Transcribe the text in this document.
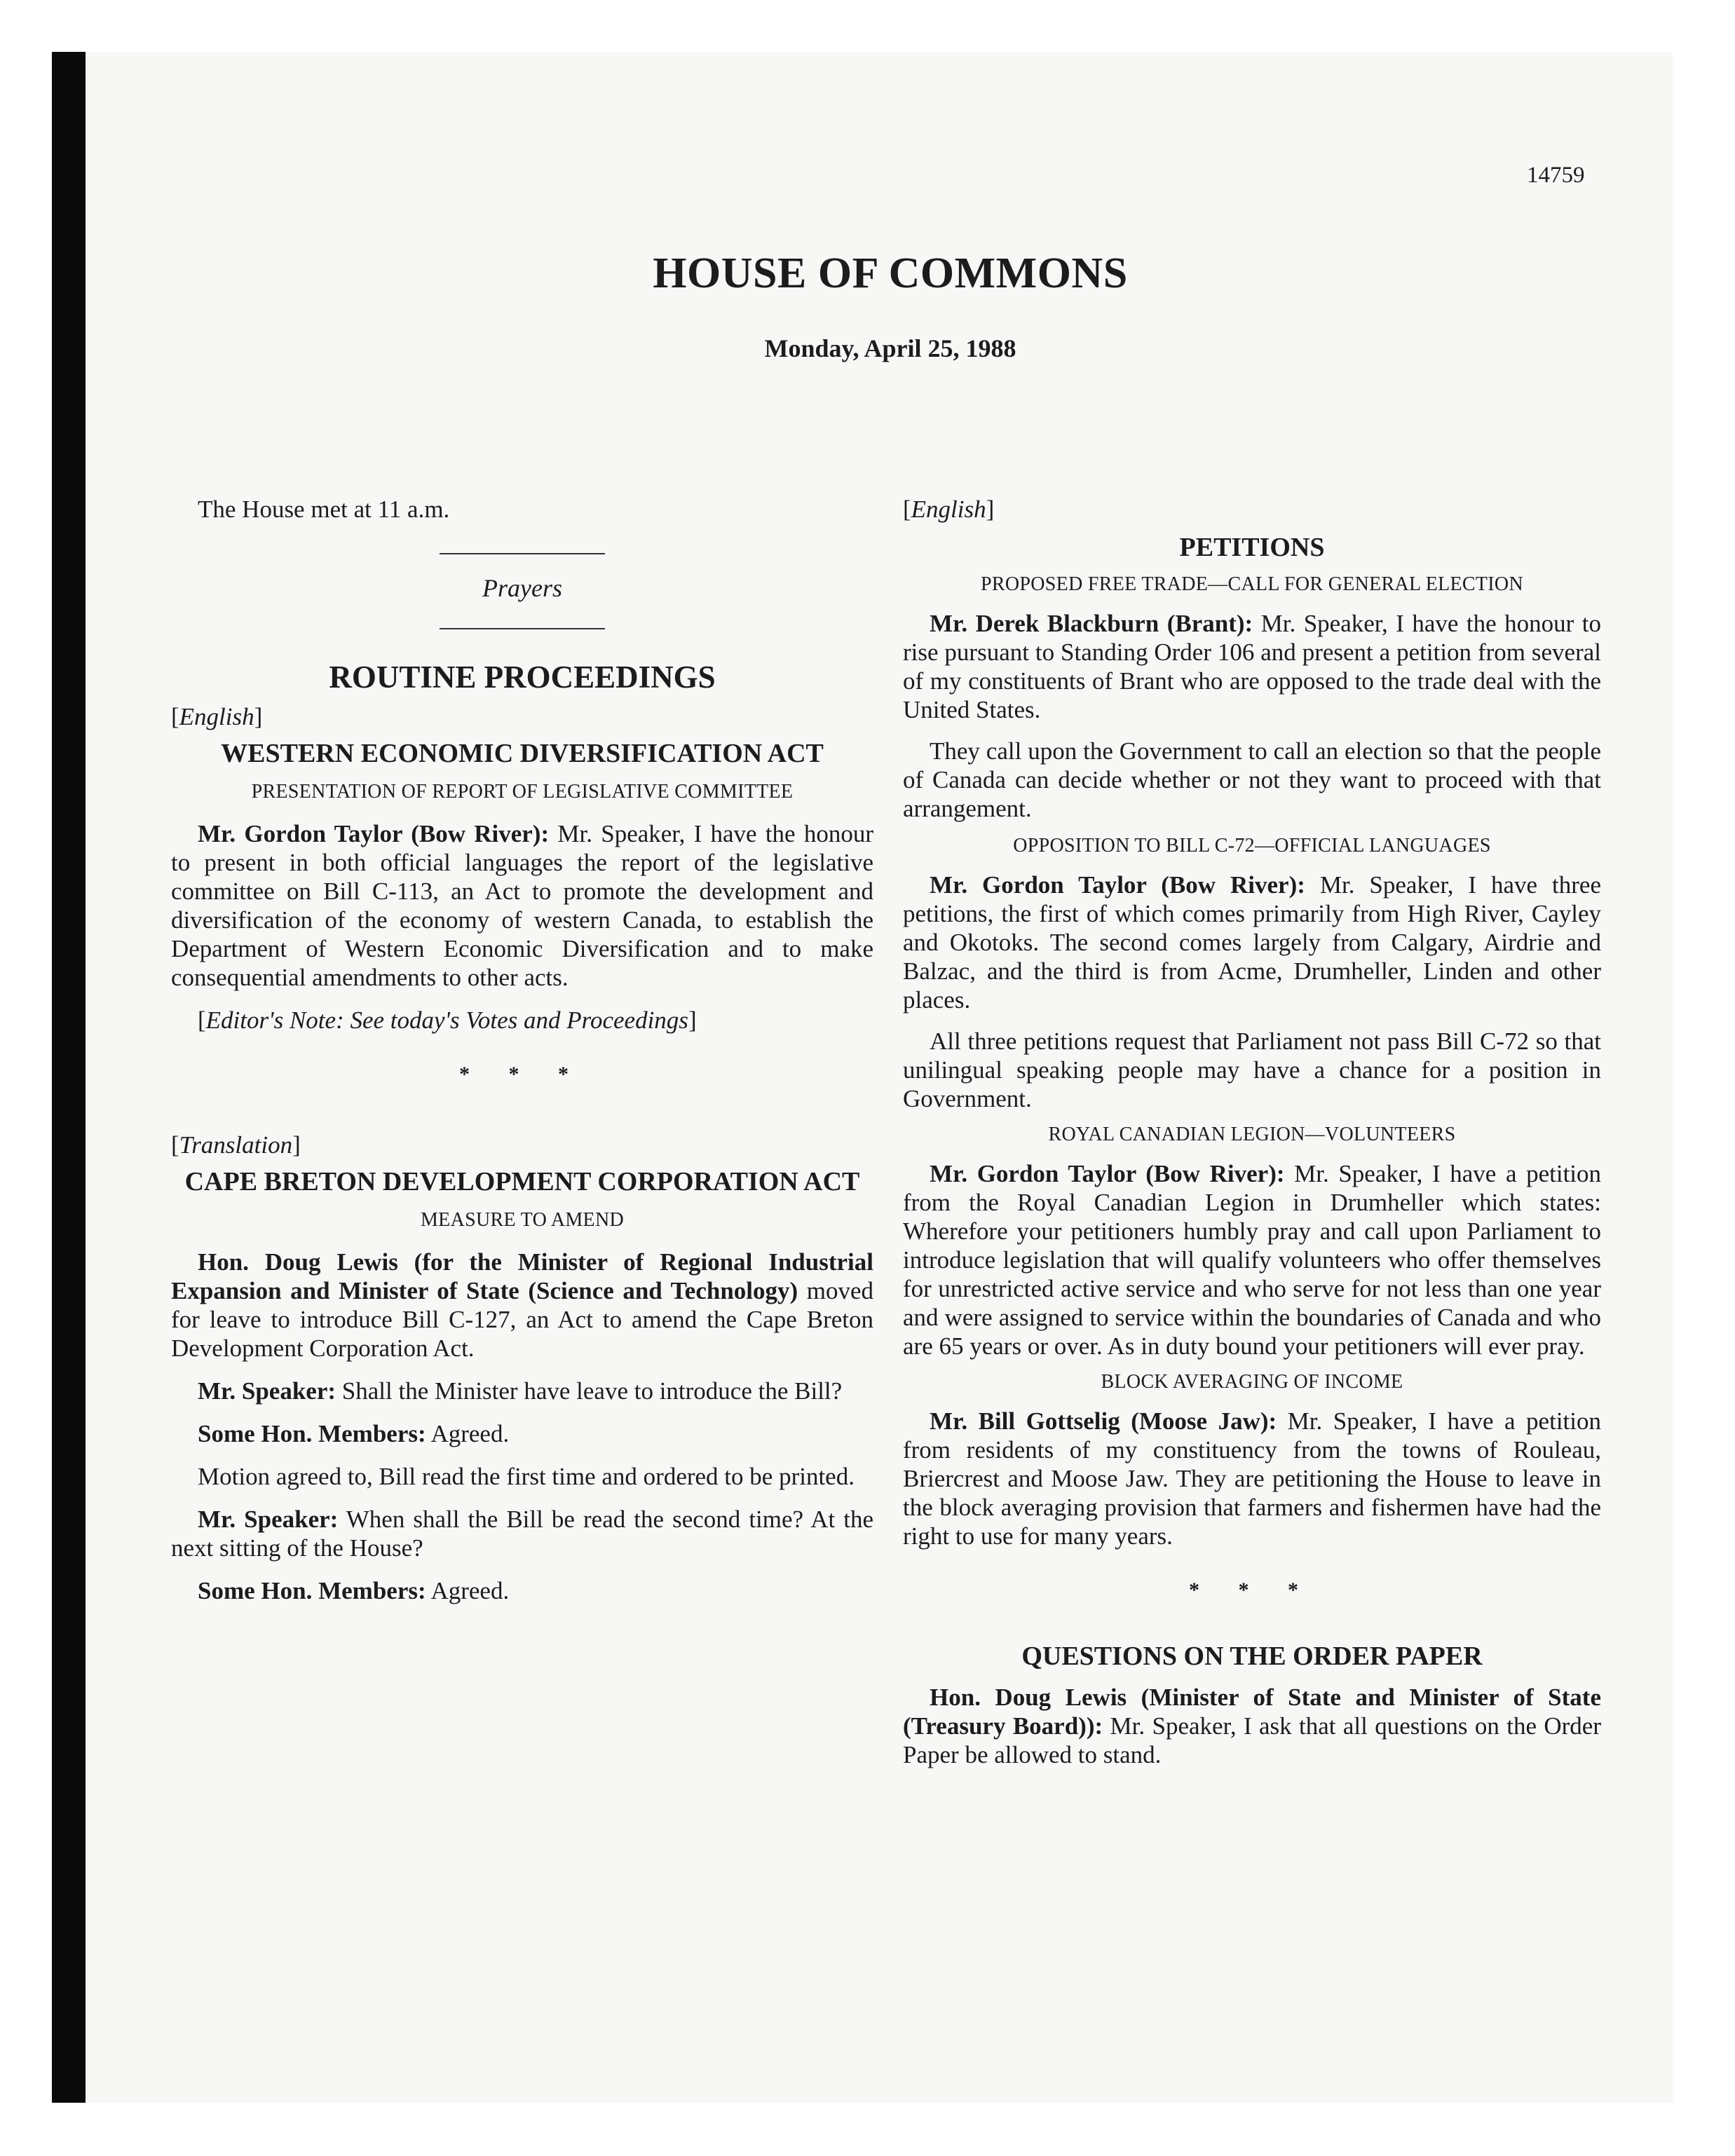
14759
HOUSE OF COMMONS
Monday, April 25, 1988

The House met at 11 a.m.

Prayers

ROUTINE PROCEEDINGS

[English]

WESTERN ECONOMIC DIVERSIFICATION ACT

PRESENTATION OF REPORT OF LEGISLATIVE COMMITTEE

Mr. Gordon Taylor (Bow River): Mr. Speaker, I have the honour to present in both official languages the report of the legislative committee on Bill C-113, an Act to promote the development and diversification of the economy of western Canada, to establish the Department of Western Economic Diversification and to make consequential amendments to other acts.

[Editor's Note: See today's Votes and Proceedings]

* * *

[Translation]

CAPE BRETON DEVELOPMENT CORPORATION ACT

MEASURE TO AMEND

Hon. Doug Lewis (for the Minister of Regional Industrial Expansion and Minister of State (Science and Technology) moved for leave to introduce Bill C-127, an Act to amend the Cape Breton Development Corporation Act.

Mr. Speaker: Shall the Minister have leave to introduce the Bill?

Some Hon. Members: Agreed.

Motion agreed to, Bill read the first time and ordered to be printed.

Mr. Speaker: When shall the Bill be read the second time? At the next sitting of the House?

Some Hon. Members: Agreed.

[English]

PETITIONS

PROPOSED FREE TRADE—CALL FOR GENERAL ELECTION

Mr. Derek Blackburn (Brant): Mr. Speaker, I have the honour to rise pursuant to Standing Order 106 and present a petition from several of my constituents of Brant who are opposed to the trade deal with the United States.

They call upon the Government to call an election so that the people of Canada can decide whether or not they want to proceed with that arrangement.

OPPOSITION TO BILL C-72—OFFICIAL LANGUAGES

Mr. Gordon Taylor (Bow River): Mr. Speaker, I have three petitions, the first of which comes primarily from High River, Cayley and Okotoks. The second comes largely from Calgary, Airdrie and Balzac, and the third is from Acme, Drumheller, Linden and other places.

All three petitions request that Parliament not pass Bill C-72 so that unilingual speaking people may have a chance for a position in Government.

ROYAL CANADIAN LEGION—VOLUNTEERS

Mr. Gordon Taylor (Bow River): Mr. Speaker, I have a petition from the Royal Canadian Legion in Drumheller which states: Wherefore your petitioners humbly pray and call upon Parliament to introduce legislation that will qualify volunteers who offer themselves for unrestricted active service and who serve for not less than one year and were assigned to service within the boundaries of Canada and who are 65 years or over. As in duty bound your petitioners will ever pray.

BLOCK AVERAGING OF INCOME

Mr. Bill Gottselig (Moose Jaw): Mr. Speaker, I have a petition from residents of my constituency from the towns of Rouleau, Briercrest and Moose Jaw. They are petitioning the House to leave in the block averaging provision that farmers and fishermen have had the right to use for many years.

* * *

QUESTIONS ON THE ORDER PAPER

Hon. Doug Lewis (Minister of State and Minister of State (Treasury Board)): Mr. Speaker, I ask that all questions on the Order Paper be allowed to stand.
